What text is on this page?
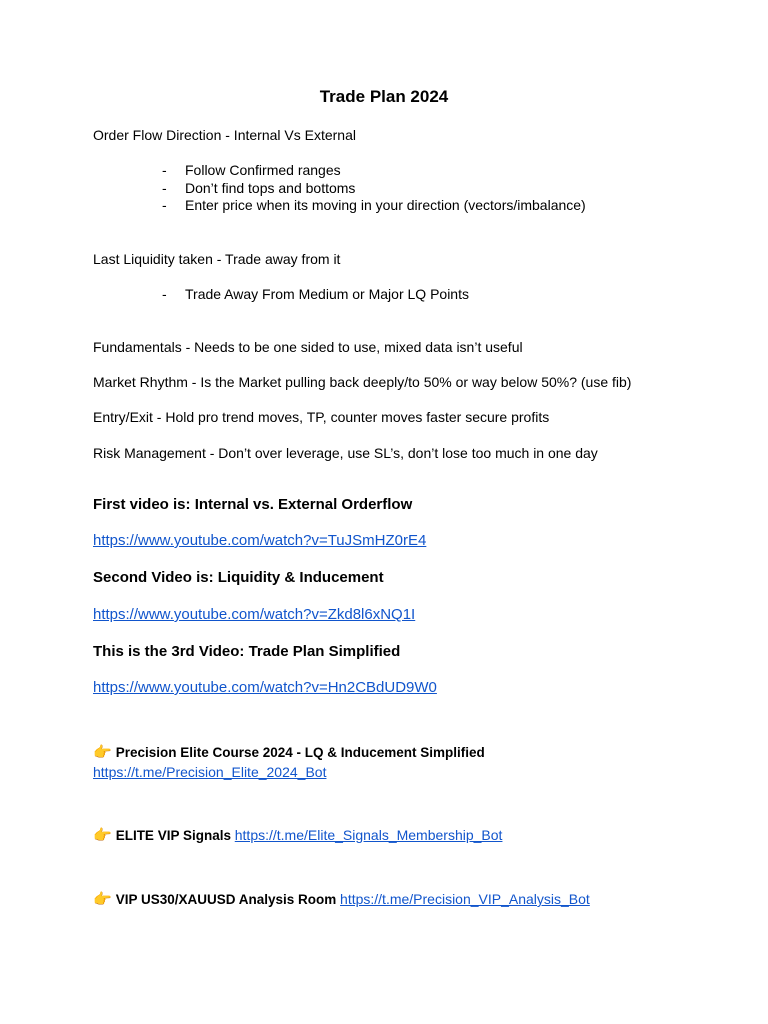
Trade Plan 2024
Order Flow Direction - Internal Vs External
- Follow Confirmed ranges
- Don’t find tops and bottoms
- Enter price when its moving in your direction (vectors/imbalance)
Last Liquidity taken - Trade away from it
- Trade Away From Medium or Major LQ Points
Fundamentals - Needs to be one sided to use, mixed data isn’t useful
Market Rhythm - Is the Market pulling back deeply/to 50% or way below 50%? (use fib)
Entry/Exit - Hold pro trend moves, TP, counter moves faster secure profits
Risk Management - Don’t over leverage, use SL’s, don’t lose too much in one day
First video is: Internal vs. External Orderflow
https://www.youtube.com/watch?v=TuJSmHZ0rE4
Second Video is: Liquidity & Inducement
https://www.youtube.com/watch?v=Zkd8l6xNQ1I
This is the 3rd Video: Trade Plan Simplified
https://www.youtube.com/watch?v=Hn2CBdUD9W0
👉 Precision Elite Course 2024 - LQ & Inducement Simplified
https://t.me/Precision_Elite_2024_Bot
👉 ELITE VIP Signals https://t.me/Elite_Signals_Membership_Bot
👉 VIP US30/XAUUSD Analysis Room https://t.me/Precision_VIP_Analysis_Bot
